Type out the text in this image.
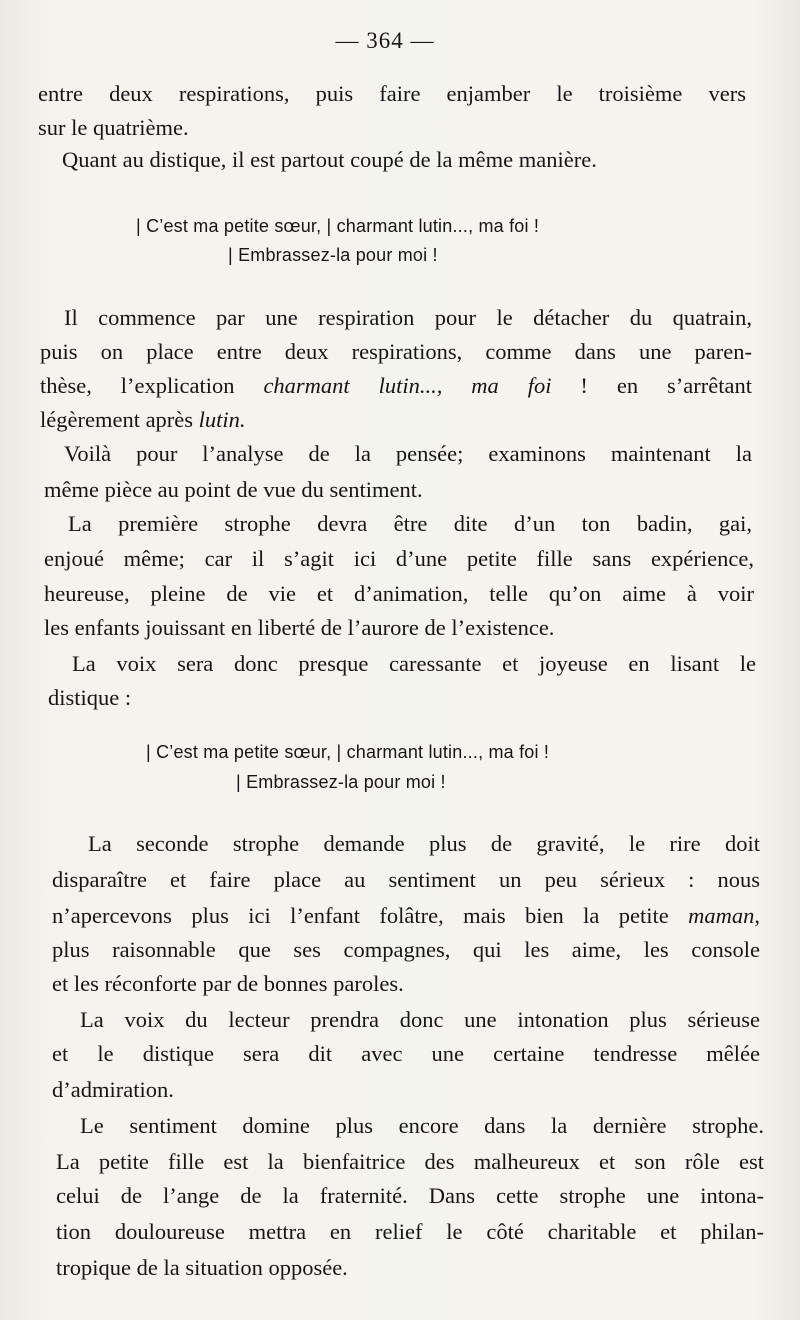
— 364 —
entre deux respirations, puis faire enjamber le troisième vers
sur le quatrième.
Quant au distique, il est partout coupé de la même manière.
| C’est ma petite sœur, | charmant lutin..., ma foi !
| Embrassez-la pour moi !
Il commence par une respiration pour le détacher du quatrain,
puis on place entre deux respirations, comme dans une paren-
thèse, l’explication charmant lutin..., ma foi ! en s’arrêtant
légèrement après lutin.
Voilà pour l’analyse de la pensée; examinons maintenant la
même pièce au point de vue du sentiment.
La première strophe devra être dite d’un ton badin, gai,
enjoué même; car il s’agit ici d’une petite fille sans expérience,
heureuse, pleine de vie et d’animation, telle qu’on aime à voir
les enfants jouissant en liberté de l’aurore de l’existence.
La voix sera donc presque caressante et joyeuse en lisant le
distique :
| C’est ma petite sœur, | charmant lutin..., ma foi !
| Embrassez-la pour moi !
La seconde strophe demande plus de gravité, le rire doit
disparaître et faire place au sentiment un peu sérieux : nous
n’apercevons plus ici l’enfant folâtre, mais bien la petite maman,
plus raisonnable que ses compagnes, qui les aime, les console
et les réconforte par de bonnes paroles.
La voix du lecteur prendra donc une intonation plus sérieuse
et le distique sera dit avec une certaine tendresse mêlée
d’admiration.
Le sentiment domine plus encore dans la dernière strophe.
La petite fille est la bienfaitrice des malheureux et son rôle est
celui de l’ange de la fraternité. Dans cette strophe une intona-
tion douloureuse mettra en relief le côté charitable et philan-
tropique de la situation opposée.
